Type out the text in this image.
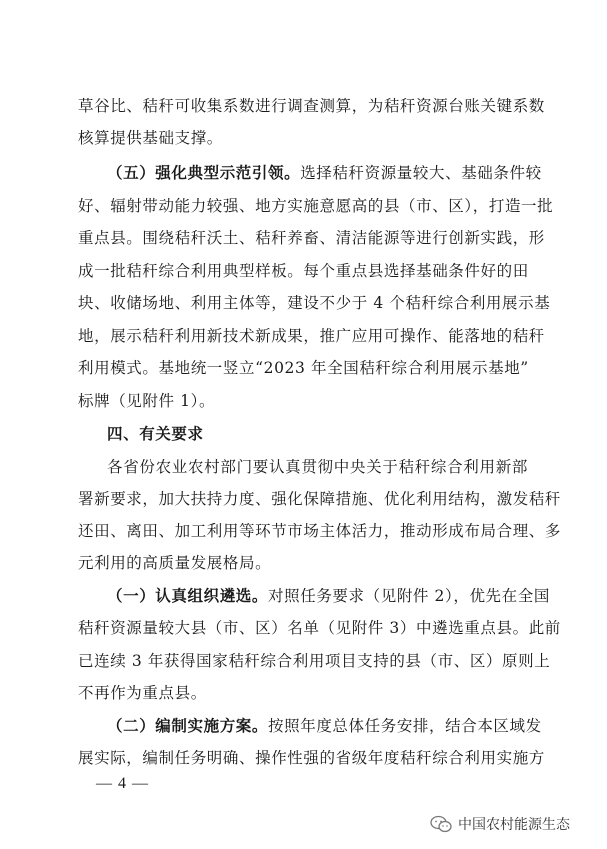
草谷比、秸秆可收集系数进行调查测算，为秸秆资源台账关键系数
核算提供基础支撑。
（五）强化典型示范引领。选择秸秆资源量较大、基础条件较
好、辐射带动能力较强、地方实施意愿高的县（市、区），打造一批
重点县。围绕秸秆沃土、秸秆养畜、清洁能源等进行创新实践，形
成一批秸秆综合利用典型样板。每个重点县选择基础条件好的田
块、收储场地、利用主体等，建设不少于 4 个秸秆综合利用展示基
地，展示秸秆利用新技术新成果，推广应用可操作、能落地的秸秆
利用模式。基地统一竖立“2023 年全国秸秆综合利用展示基地”
标牌（见附件 1）。
四、有关要求
各省份农业农村部门要认真贯彻中央关于秸秆综合利用新部
署新要求，加大扶持力度、强化保障措施、优化利用结构，激发秸秆
还田、离田、加工利用等环节市场主体活力，推动形成布局合理、多
元利用的高质量发展格局。
（一）认真组织遴选。对照任务要求（见附件 2），优先在全国
秸秆资源量较大县（市、区）名单（见附件 3）中遴选重点县。此前
已连续 3 年获得国家秸秆综合利用项目支持的县（市、区）原则上
不再作为重点县。
（二）编制实施方案。按照年度总体任务安排，结合本区域发
展实际，编制任务明确、操作性强的省级年度秸秆综合利用实施方
— 4 —
中国农村能源生态
